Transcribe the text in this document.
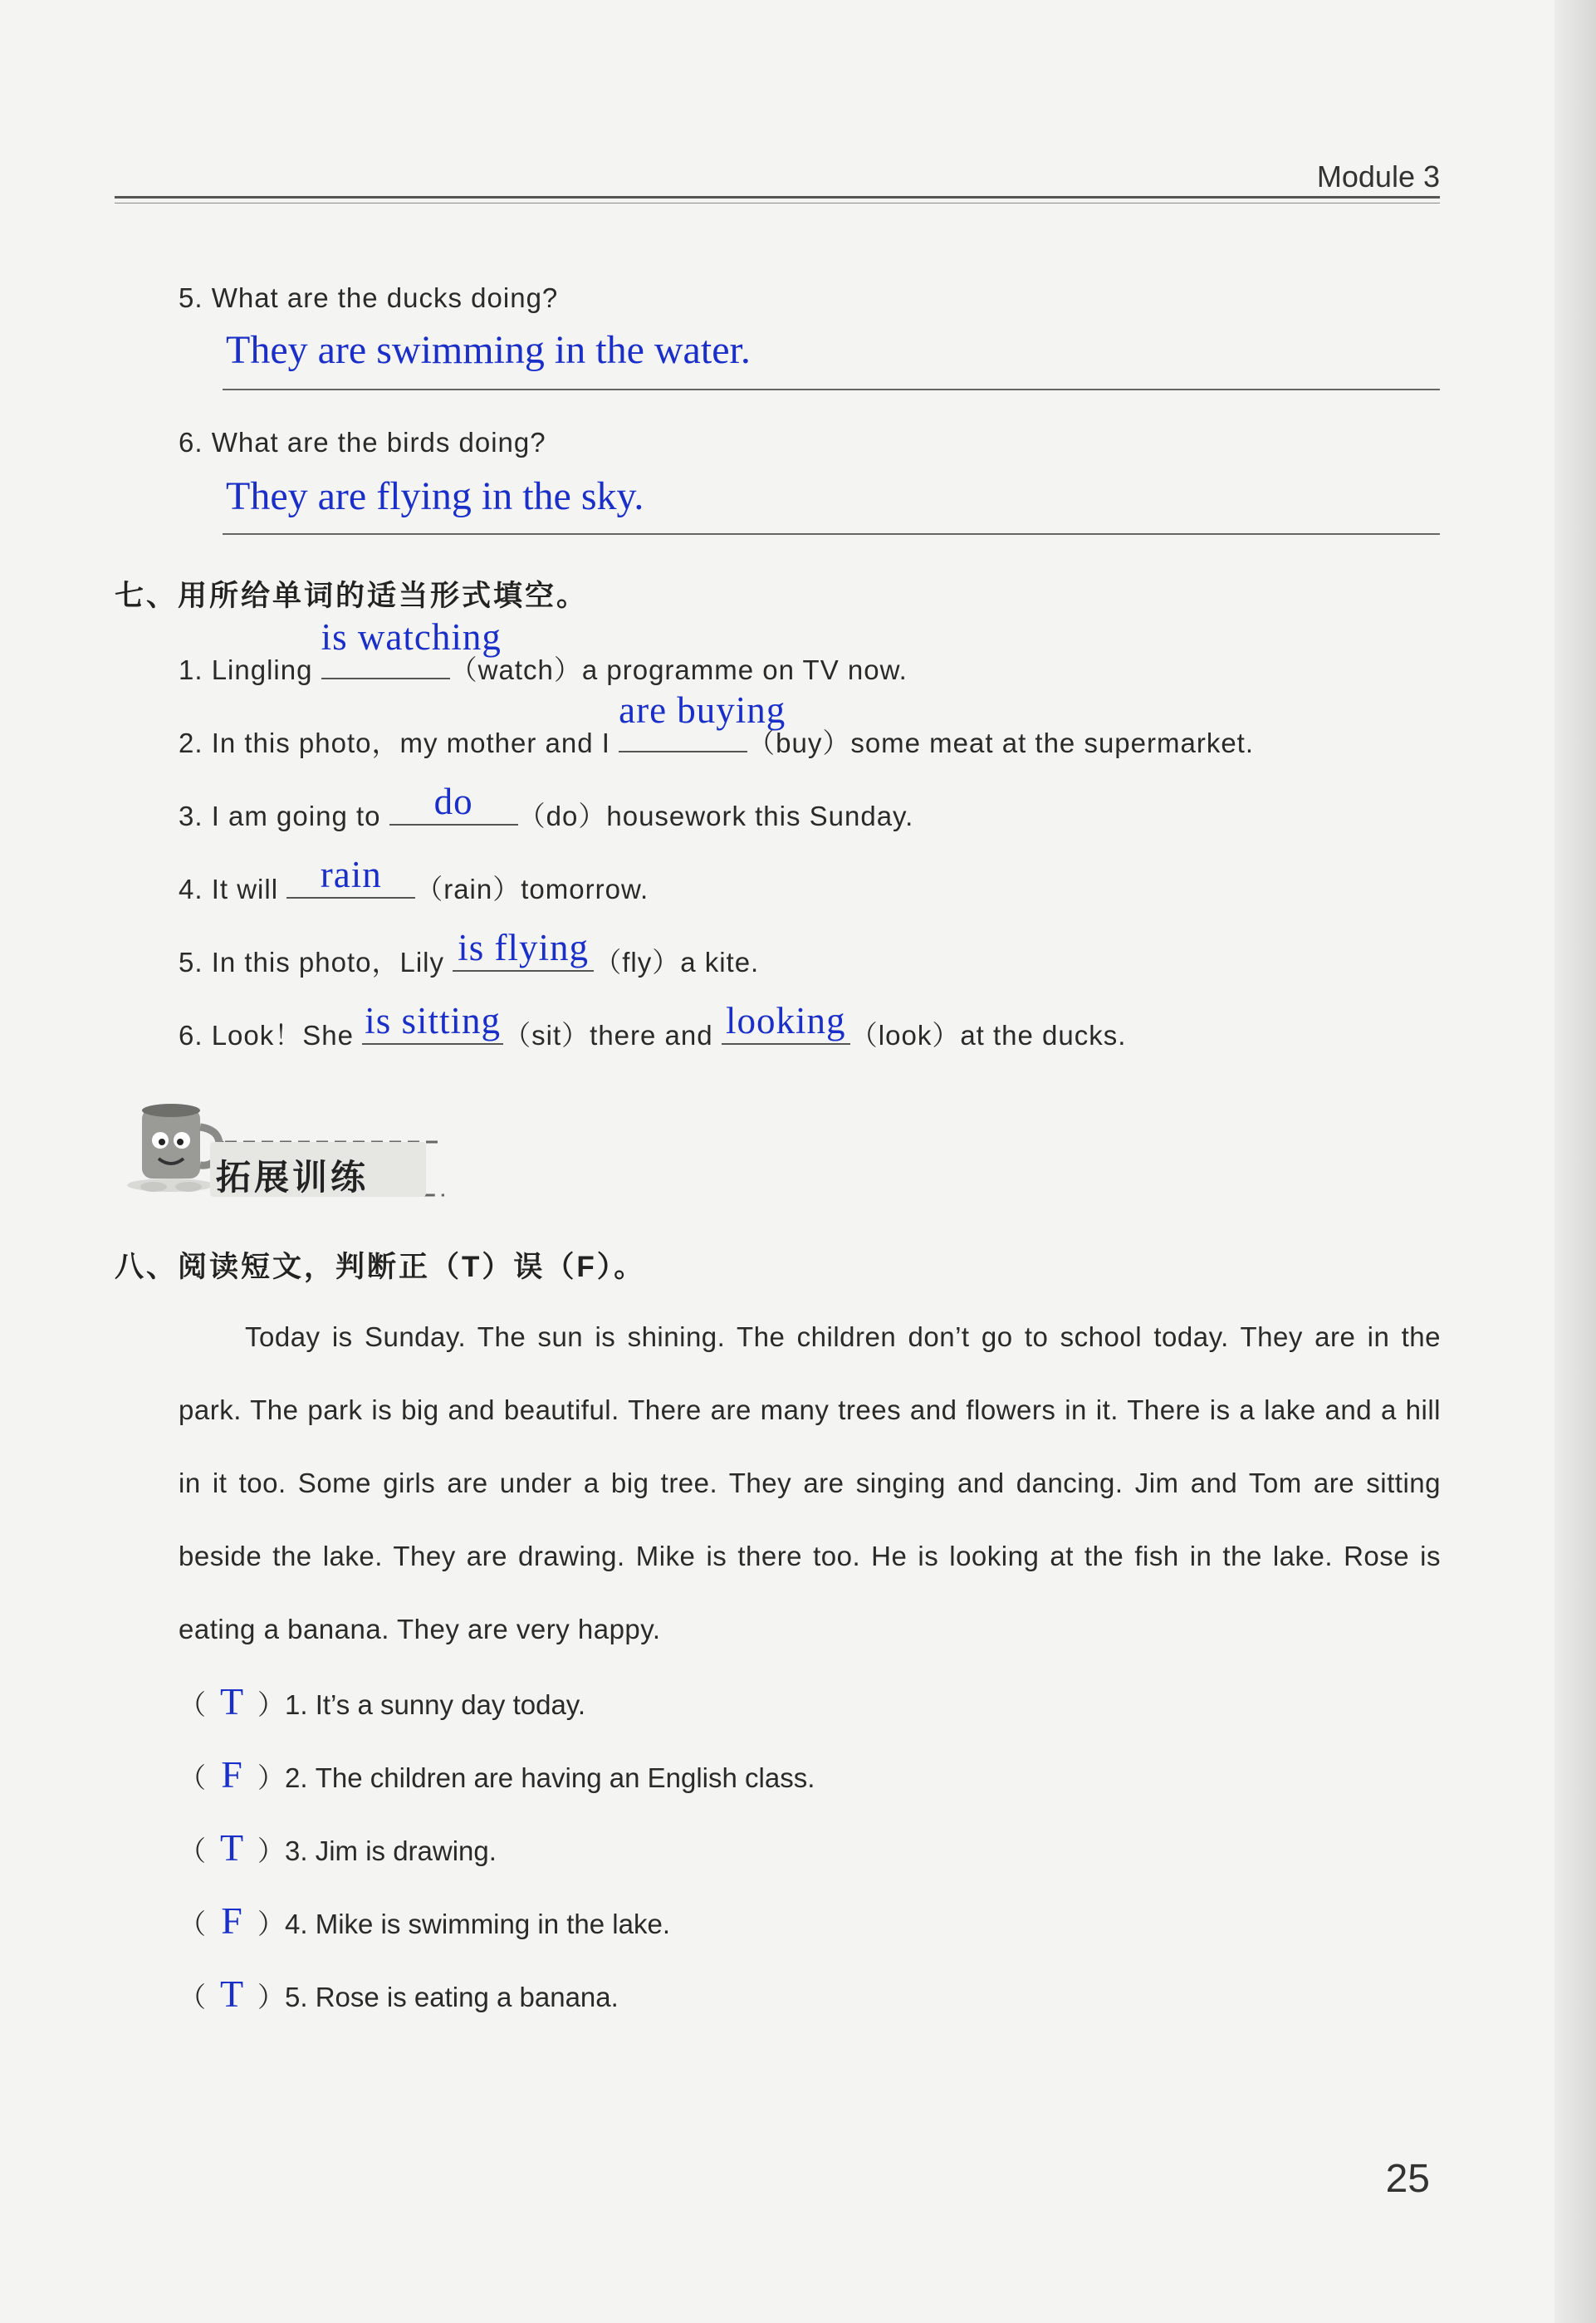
Module 3
5. What are the ducks doing?
They are swimming in the water.
6. What are the birds doing?
They are flying in the sky.
七、用所给单词的适当形式填空。
1. Lingling
is watching
（watch）a programme on TV now.
2. In this photo，my mother and I
are buying
（buy）some meat at the supermarket.
3. I am going to	do	（do）housework this Sunday.
4. It will	rain	（rain）tomorrow.
5. In this photo，Lily is flying （fly）a kite.
6. Look！She is sitting （sit）there and looking （look）at the ducks.
拓展训练
八、阅读短文，判断正（T）误（F）。
Today is Sunday. The sun is shining. The children don’t go to school today. They are in the park. The park is big and beautiful. There are many trees and flowers in it. There is a lake and a hill in it too. Some girls are under a big tree. They are singing and dancing. Jim and Tom are sitting beside the lake. They are drawing. Mike is there too. He is looking at the fish in the lake. Rose is eating a banana. They are very happy.
（ T ）1. It’s a sunny day today.
（ F ）2. The children are having an English class.
（ T ）3. Jim is drawing.
（ F ）4. Mike is swimming in the lake.
（ T ）5. Rose is eating a banana.
25
